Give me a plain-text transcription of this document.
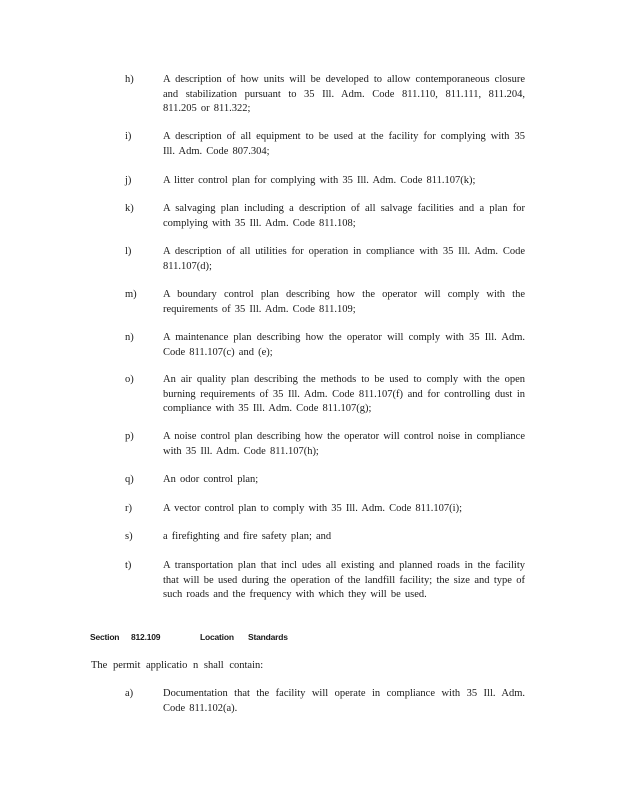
h)	A description of how units will be developed to allow contemporaneous closure and stabilization pursuant to 35 Ill. Adm. Code 811.110, 811.111, 811.204, 811.205 or 811.322;
i)	A description of all equipment to be used at the facility for complying with 35 Ill. Adm. Code 807.304;
j)	A litter control plan for complying with 35 Ill. Adm. Code 811.107(k);
k)	A salvaging plan including a description of all salvage facilities and a plan for complying with 35 Ill. Adm. Code 811.108;
l)	A description of all utilities for operation in compliance with 35 Ill. Adm. Code 811.107(d);
m)	A boundary control plan describing how the operator will comply with the requirements of 35 Ill. Adm. Code 811.109;
n)	A maintenance plan describing how the operator will comply with 35 Ill. Adm. Code 811.107(c) and (e);
o)	An air quality plan describing the methods to be used to comply with the open burning requirements of 35 Ill. Adm. Code 811.107(f) and for controlling dust in compliance with 35 Ill. Adm. Code 811.107(g);
p)	A noise control plan describing how the operator will control noise in compliance with 35 Ill. Adm. Code 811.107(h);
q)	An odor control plan;
r)	A vector control plan to comply with 35 Ill. Adm. Code 811.107(i);
s)	a firefighting and fire safety plan; and
t)	A transportation plan that incl udes all existing and planned roads in the facility that will be used during the operation of the landfill facility; the size and type of such roads and the frequency with which they will be used.
Section 812.109	Location Standards
The permit applicatio n shall contain:
a)	Documentation that the facility will operate in compliance with 35 Ill. Adm. Code 811.102(a).
